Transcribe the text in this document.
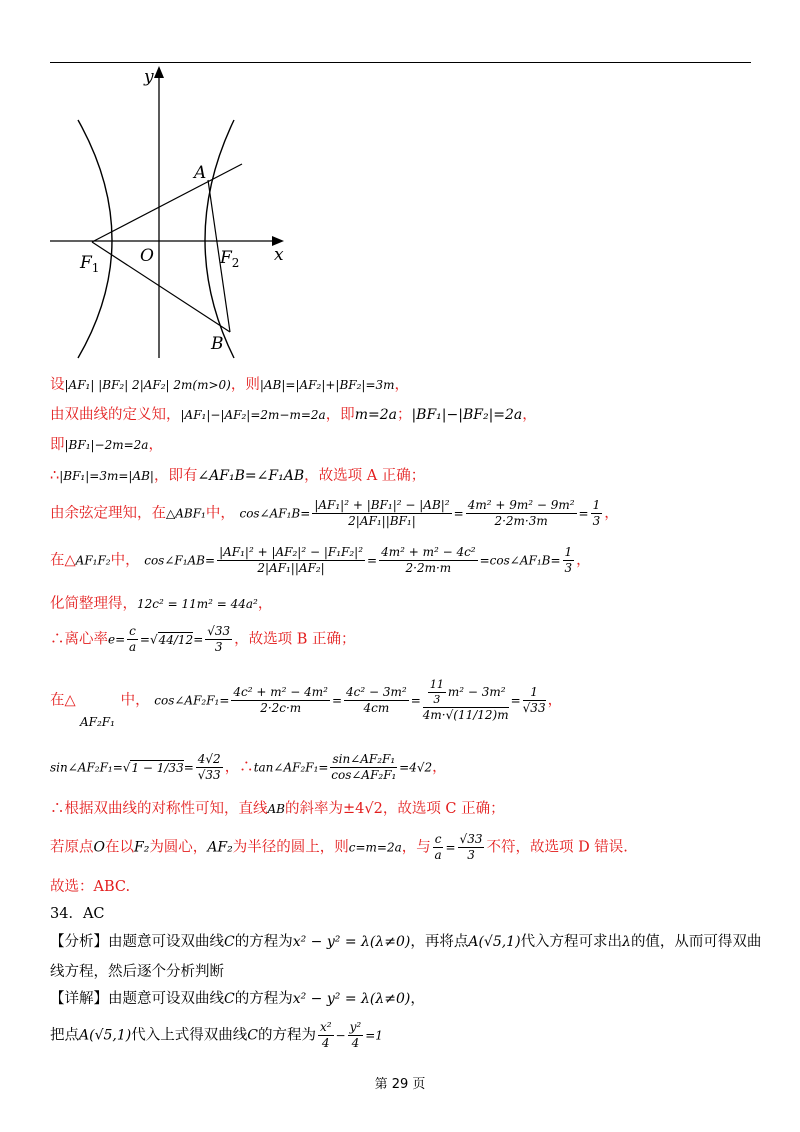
y
x
A
B
O
$F_1$	$F_2$
设|AF₁| |BF₂| 2|AF₂| 2m(m>0)，则|AB|=|AF₂|+|BF₂|=3m，
由双曲线的定义知，|AF₁|−|AF₂|=2m−m=2a，即m=2a；|BF₁|−|BF₂|=2a，
即|BF₁|−2m=2a，
∴|BF₁|=3m=|AB|，即有∠AF₁B=∠F₁AB，故选项 A 正确；
由余弦定理知，在△ABF₁中， cos∠AF₁B= $\frac{\text{|AF₁|² + |BF₁|² − |AB|²}}{\text{2|AF₁||BF₁|}} = \frac{\text{4m² + 9m² − 9m²}}{2\cdot 2m\cdot 3m} = \frac{1}{3}$ ，
在△AF₁F₂中， cos∠F₁AB= $\frac{\text{|AF₁|² + |AF₂|² − |F₁F₂|²}}{\text{2|AF₁||AF₂|}} = \frac{\text{4m² + m² − 4c²}}{2\cdot 2m\cdot m}$ =cos∠AF₁B= $\frac{1}{3}$ ，
化简整理得，12c² = 11m² = 44a²，
∴离心率$e= \frac{c}{a} =√44/12= \frac{√33}{3}$ ，故选项 B 正确；
在△	中， cos∠AF₂F₁= $\frac{\text{4c² + m² − 4m²}}{2\cdot 2c\cdot m} = \frac{\text{4c² − 3m²}}{4cm} = \frac{\frac{11}{3} m^2 - 3m^2}{4m\cdot√(11/12)m} = \frac{1}{√33}$ ，
AF₂F₁
sin∠AF₂F₁=√1 − $1/33= \frac{4√2}{√33}$ ，∴tan∠AF₂F₁= $\frac{\text{sin∠AF₂F₁}}{\text{cos∠AF₂F₁}} =4√2$，
∴根据双曲线的对称性可知，直线AB的斜率为±4√2，故选项 C 正确；
若原点O在以F₂为圆心，AF₂为半径的圆上，则c=m=2a，与 $\frac{c}{a} = \frac{√33}{3}$ 不符，故选项 D 错误.
故选：ABC.
34．AC
【分析】由题意可设双曲线C的方程为x² − y² = λ(λ≠0)，再将点A(√5,1)代入方程可求出λ的值，从而可得双曲
线方程，然后逐个分析判断
【详解】由题意可设双曲线C的方程为x² − y² = λ(λ≠0)，
把点A(√5,1)代入上式得双曲线C的方程为 $\frac{\text{x²}}{4} - \frac{\text{y²}}{4} =1$
第 29 页
